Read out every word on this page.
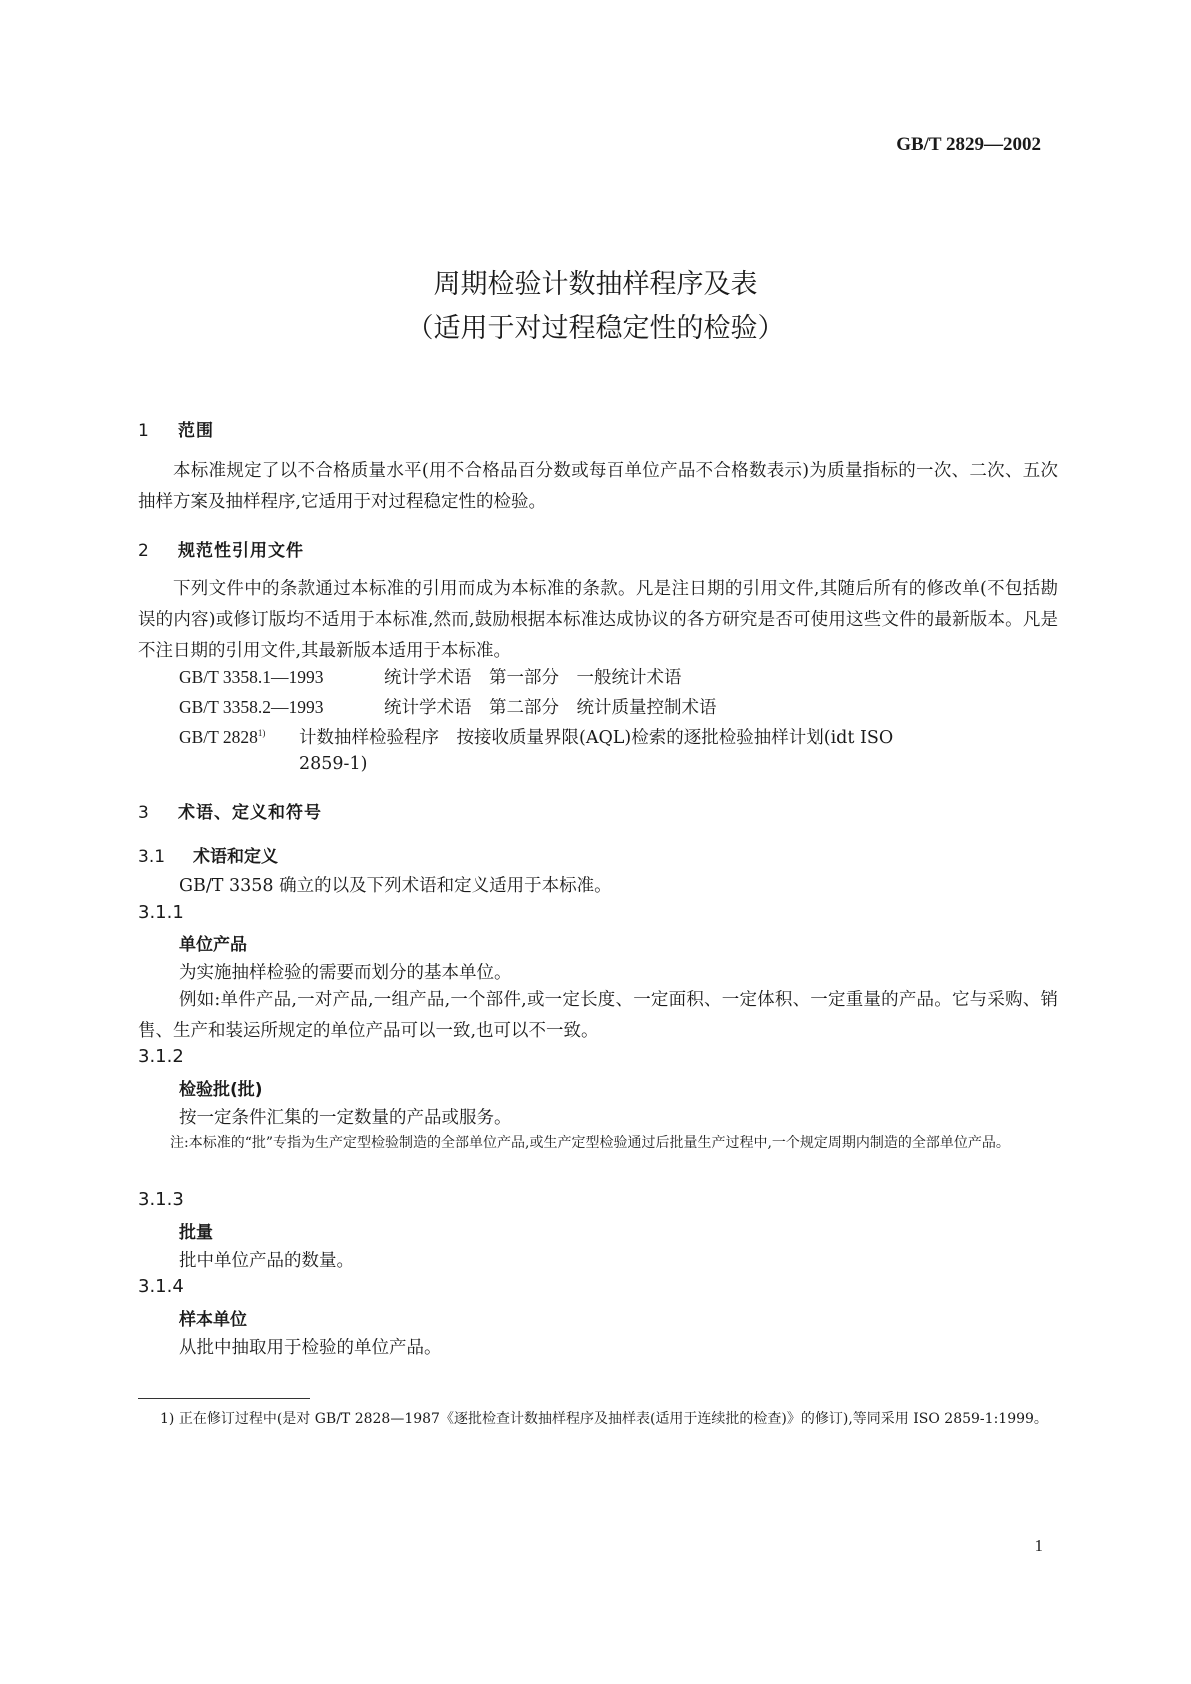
GB/T 2829—2002
周期检验计数抽样程序及表
（适用于对过程稳定性的检验）
1 范围
本标准规定了以不合格质量水平(用不合格品百分数或每百单位产品不合格数表示)为质量指标的一次、二次、五次抽样方案及抽样程序,它适用于对过程稳定性的检验。
2 规范性引用文件
下列文件中的条款通过本标准的引用而成为本标准的条款。凡是注日期的引用文件,其随后所有的修改单(不包括勘误的内容)或修订版均不适用于本标准,然而,鼓励根据本标准达成协议的各方研究是否可使用这些文件的最新版本。凡是不注日期的引用文件,其最新版本适用于本标准。
GB/T 3358.1—1993	统计学术语　第一部分　一般统计术语
GB/T 3358.2—1993	统计学术语　第二部分　统计质量控制术语
GB/T 2828$^{1)}$ 计数抽样检验程序　按接收质量界限(AQL)检索的逐批检验抽样计划(idt ISO
2859-1)
3 术语、定义和符号
3.1 术语和定义
GB/T 3358 确立的以及下列术语和定义适用于本标准。
3.1.1
单位产品
为实施抽样检验的需要而划分的基本单位。
例如:单件产品,一对产品,一组产品,一个部件,或一定长度、一定面积、一定体积、一定重量的产品。它与采购、销售、生产和装运所规定的单位产品可以一致,也可以不一致。
3.1.2
检验批(批)
按一定条件汇集的一定数量的产品或服务。
注:本标准的“批”专指为生产定型检验制造的全部单位产品,或生产定型检验通过后批量生产过程中,一个规定周期内制造的全部单位产品。
3.1.3
批量
批中单位产品的数量。
3.1.4
样本单位
从批中抽取用于检验的单位产品。
1) 正在修订过程中(是对 GB/T 2828—1987《逐批检查计数抽样程序及抽样表(适用于连续批的检查)》的修订),等同采用 ISO 2859-1:1999。
1
